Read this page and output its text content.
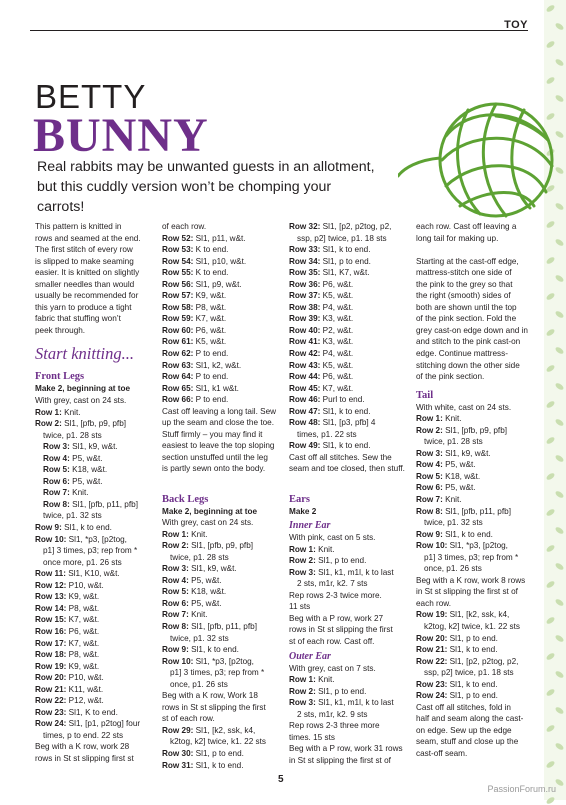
TOY
BETTY
BUNNY
Real rabbits may be unwanted guests in an allotment,
but this cuddly version won’t be chomping your carrots!
This pattern is knitted in
rows and seamed at the end.
The first stitch of every row
is slipped to make seaming
easier. It is knitted on slightly
smaller needles than would
usually be recommended for
this yarn to produce a tight
fabric that stuffing won’t
peek through.
Start knitting...
Front Legs
Make 2, beginning at toe
With grey, cast on 24 sts.
Row 1: Knit.
Row 2: Sl1, [pfb, p9, pfb]
twice, p1. 28 sts
Row 3: Sl1, k9, w&t.
Row 4: P5, w&t.
Row 5: K18, w&t.
Row 6: P5, w&t.
Row 7: Knit.
Row 8: Sl1, [pfb, p11, pfb]
twice, p1. 32 sts
Row 9: Sl1, k to end.
Row 10: Sl1, *p3, [p2tog,
p1] 3 times, p3; rep from *
once more, p1. 26 sts
Row 11: Sl1, K10, w&t.
Row 12: P10, w&t.
Row 13: K9, w&t.
Row 14: P8, w&t.
Row 15: K7, w&t.
Row 16: P6, w&t.
Row 17: K7, w&t.
Row 18: P8, w&t.
Row 19: K9, w&t.
Row 20: P10, w&t.
Row 21: K11, w&t.
Row 22: P12, w&t.
Row 23: Sl1, K to end.
Row 24: Sl1, [p1, p2tog] four
times, p to end. 22 sts
Beg with a K row, work 28
rows in St st slipping first st
of each row.
Row 52: Sl1, p11, w&t.
Row 53: K to end.
Row 54: Sl1, p10, w&t.
Row 55: K to end.
Row 56: Sl1, p9, w&t.
Row 57: K9, w&t.
Row 58: P8, w&t.
Row 59: K7, w&t.
Row 60: P6, w&t.
Row 61: K5, w&t.
Row 62: P to end.
Row 63: Sl1, k2, w&t.
Row 64: P to end.
Row 65: Sl1, k1 w&t.
Row 66: P to end.
Cast off leaving a long tail. Sew
up the seam and close the toe.
Stuff firmly – you may find it
easiest to leave the top sloping
section unstuffed until the leg
is partly sewn onto the body.
Back Legs
Make 2, beginning at toe
With grey, cast on 24 sts.
Row 1: Knit.
Row 2: Sl1, [pfb, p9, pfb]
twice, p1. 28 sts
Row 3: Sl1, k9, w&t.
Row 4: P5, w&t.
Row 5: K18, w&t.
Row 6: P5, w&t.
Row 7: Knit.
Row 8: Sl1, [pfb, p11, pfb]
twice, p1. 32 sts
Row 9: Sl1, k to end.
Row 10: Sl1, *p3, [p2tog,
p1] 3 times, p3; rep from *
once, p1. 26 sts
Beg with a K row, Work 18
rows in St st slipping the first
st of each row.
Row 29: Sl1, [k2, ssk, k4,
k2tog, k2] twice, k1. 22 sts
Row 30: Sl1, p to end.
Row 31: Sl1, k to end.
Row 32: Sl1, [p2, p2tog, p2,
ssp, p2] twice, p1. 18 sts
Row 33: Sl1, k to end.
Row 34: Sl1, p to end.
Row 35: Sl1, K7, w&t.
Row 36: P6, w&t.
Row 37: K5, w&t.
Row 38: P4, w&t.
Row 39: K3, w&t.
Row 40: P2, w&t.
Row 41: K3, w&t.
Row 42: P4, w&t.
Row 43: K5, w&t.
Row 44: P6, w&t.
Row 45: K7, w&t.
Row 46: Purl to end.
Row 47: Sl1, k to end.
Row 48: Sl1, [p3, pfb] 4
times, p1. 22 sts
Row 49: Sl1, k to end.
Cast off all stitches. Sew the
seam and toe closed, then stuff.
Ears
Make 2
Inner Ear
With pink, cast on 5 sts.
Row 1: Knit.
Row 2: Sl1, p to end.
Row 3: Sl1, k1, m1l, k to last
2 sts, m1r, k2. 7 sts
Rep rows 2-3 twice more.
11 sts
Beg with a P row, work 27
rows in St st slipping the first
st of each row. Cast off.
Outer Ear
With grey, cast on 7 sts.
Row 1: Knit.
Row 2: Sl1, p to end.
Row 3: Sl1, k1, m1l, k to last
2 sts, m1r, k2. 9 sts
Rep rows 2-3 three more
times. 15 sts
Beg with a P row, work 31 rows
in St st slipping the first st of
each row. Cast off leaving a
long tail for making up.
Starting at the cast-off edge,
mattress-stitch one side of
the pink to the grey so that
the right (smooth) sides of
both are shown until the top
of the pink section. Fold the
grey cast-on edge down and in
and stitch to the pink cast-on
edge. Continue mattress-
stitching down the other side
of the pink section.
Tail
With white, cast on 24 sts.
Row 1: Knit.
Row 2: Sl1, [pfb, p9, pfb]
twice, p1. 28 sts
Row 3: Sl1, k9, w&t.
Row 4: P5, w&t.
Row 5: K18, w&t.
Row 6: P5, w&t.
Row 7: Knit.
Row 8: Sl1, [pfb, p11, pfb]
twice, p1. 32 sts
Row 9: Sl1, k to end.
Row 10: Sl1, *p3, [p2tog,
p1] 3 times, p3; rep from *
once, p1. 26 sts
Beg with a K row, work 8 rows
in St st slipping the first st of
each row.
Row 19: Sl1, [k2, ssk, k4,
k2tog, k2] twice, k1. 22 sts
Row 20: Sl1, p to end.
Row 21: Sl1, k to end.
Row 22: Sl1, [p2, p2tog, p2,
ssp, p2] twice, p1. 18 sts
Row 23: Sl1, k to end.
Row 24: Sl1, p to end.
Cast off all stitches, fold in
half and seam along the cast-
on edge. Sew up the edge
seam, stuff and close up the
cast-off seam.
5
PassionForum.ru
